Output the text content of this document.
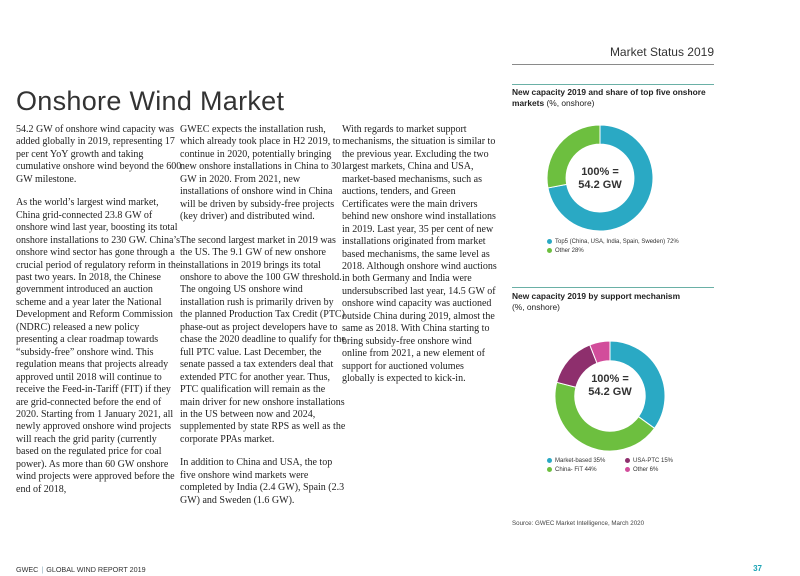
Market Status 2019
Onshore Wind Market

54.2 GW of onshore wind capacity was added globally in 2019, representing 17 per cent YoY growth and taking cumulative onshore wind beyond the 600 GW milestone.

As the world’s largest wind market, China grid-connected 23.8 GW of onshore wind last year, boosting its total onshore installations to 230 GW. China’s onshore wind sector has gone through a crucial period of regulatory reform in the past two years. In 2018, the Chinese government introduced an auction scheme and a year later the National Development and Reform Commission (NDRC) released a new policy presenting a clear roadmap towards “subsidy-free” onshore wind. This regulation means that projects already approved until 2018 will continue to receive the Feed-in-Tariff (FIT) if they are grid-connected before the end of 2020. Starting from 1 January 2021, all newly approved onshore wind projects will reach the grid parity (currently based on the regulated price for coal power). As more than 60 GW onshore wind projects were approved before the end of 2018,

GWEC expects the installation rush, which already took place in H2 2019, to continue in 2020, potentially bringing new onshore installations in China to 30 GW in 2020. From 2021, new installations of onshore wind in China will be driven by subsidy-free projects (key driver) and distributed wind.

The second largest market in 2019 was the US. The 9.1 GW of new onshore installations in 2019 brings its total onshore to above the 100 GW threshold. The ongoing US onshore wind installation rush is primarily driven by the planned Production Tax Credit (PTC) phase-out as project developers have to chase the 2020 deadline to qualify for the full PTC value. Last December, the senate passed a tax extenders deal that extended PTC for another year. Thus, PTC qualification will remain as the main driver for new onshore installations in the US between now and 2024, supplemented by state RPS as well as the corporate PPAs market.

In addition to China and USA, the top five onshore wind markets were completed by India (2.4 GW), Spain (2.3 GW) and Sweden (1.6 GW).

With regards to market support mechanisms, the situation is similar to the previous year. Excluding the two largest markets, China and USA, market-based mechanisms, such as auctions, tenders, and Green Certificates were the main drivers behind new onshore wind installations in 2019. Last year, 35 per cent of new installations originated from market based mechanisms, the same level as 2018. Although onshore wind auctions in both Germany and India were undersubscribed last year, 14.5 GW of onshore wind capacity was auctioned outside China during 2019, almost the same as 2018. With China starting to bring subsidy-free onshore wind online from 2021, a new element of support for auctioned volumes globally is expected to kick-in.

New capacity 2019 and share of top five onshore markets (%, onshore)
100% =
54.2 GW
Top5 (China, USA, India, Spain, Sweden) 72%
Other 28%
New capacity 2019 by support mechanism
(%, onshore)
100% =
54.2 GW
Market-based 35%	USA-PTC 15%
China- FiT 44%	Other 6%
Source: GWEC Market Intelligence, March 2020
GWEC | GLOBAL WIND REPORT 2019	37
